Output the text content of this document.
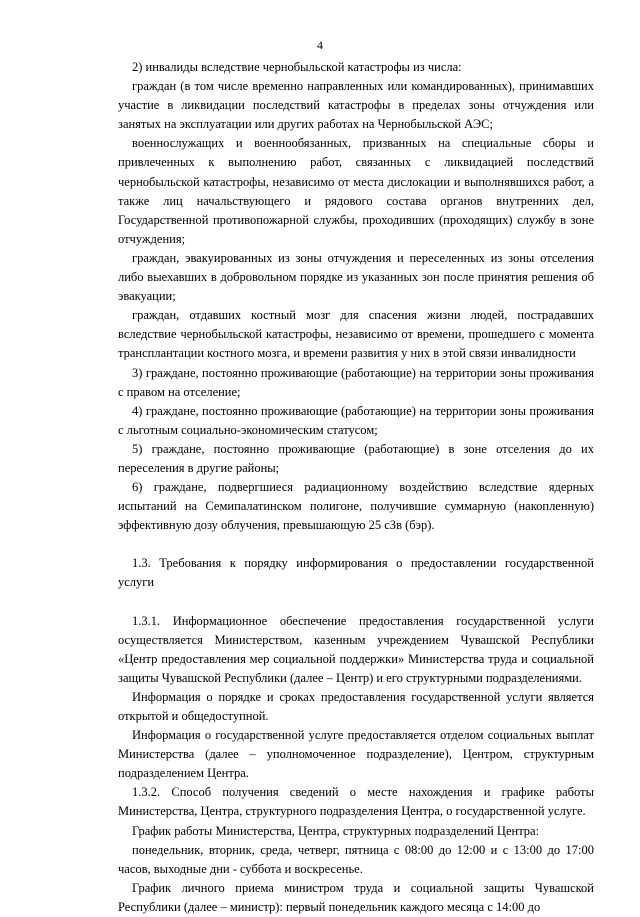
4

2) инвалиды вследствие чернобыльской катастрофы из числа:

граждан (в том числе временно направленных или командированных), принимавших участие в ликвидации последствий катастрофы в пределах зоны отчуждения или занятых на эксплуатации или других работах на Чернобыльской АЭС;

военнослужащих и военнообязанных, призванных на специальные сборы и привлеченных к выполнению работ, связанных с ликвидацией последствий чернобыльской катастрофы, независимо от места дислокации и выполнявшихся работ, а также лиц начальствующего и рядового состава органов внутренних дел, Государственной противопожарной службы, проходивших (проходящих) службу в зоне отчуждения;

граждан, эвакуированных из зоны отчуждения и переселенных из зоны отселения либо выехавших в добровольном порядке из указанных зон после принятия решения об эвакуации;

граждан, отдавших костный мозг для спасения жизни людей, пострадавших вследствие чернобыльской катастрофы, независимо от времени, прошедшего с момента трансплантации костного мозга, и времени развития у них в этой связи инвалидности

3) граждане, постоянно проживающие (работающие) на территории зоны проживания с правом на отселение;

4) граждане, постоянно проживающие (работающие) на территории зоны проживания с льготным социально-экономическим статусом;

5) граждане, постоянно проживающие (работающие) в зоне отселения до их переселения в другие районы;

6) граждане, подвергшиеся радиационному воздействию вследствие ядерных испытаний на Семипалатинском полигоне, получившие суммарную (накопленную) эффективную дозу облучения, превышающую 25 сЗв (бэр).

1.3. Требования к порядку информирования о предоставлении государственной услуги

1.3.1. Информационное обеспечение предоставления государственной услуги осуществляется Министерством, казенным учреждением Чувашской Республики «Центр предоставления мер социальной поддержки» Министерства труда и социальной защиты Чувашской Республики (далее – Центр) и его структурными подразделениями.

Информация о порядке и сроках предоставления государственной услуги является открытой и общедоступной.

Информация о государственной услуге предоставляется отделом социальных выплат Министерства (далее – уполномоченное подразделение), Центром, структурным подразделением Центра.

1.3.2. Способ получения сведений о месте нахождения и графике работы Министерства, Центра, структурного подразделения Центра, о государственной услуге.

График работы Министерства, Центра, структурных подразделений Центра:

понедельник, вторник, среда, четверг, пятница с 08:00 до 12:00 и с 13:00 до 17:00 часов, выходные дни - суббота и воскресенье.

График личного приема министром труда и социальной защиты Чувашской Республики (далее – министр): первый понедельник каждого месяца с 14:00 до
